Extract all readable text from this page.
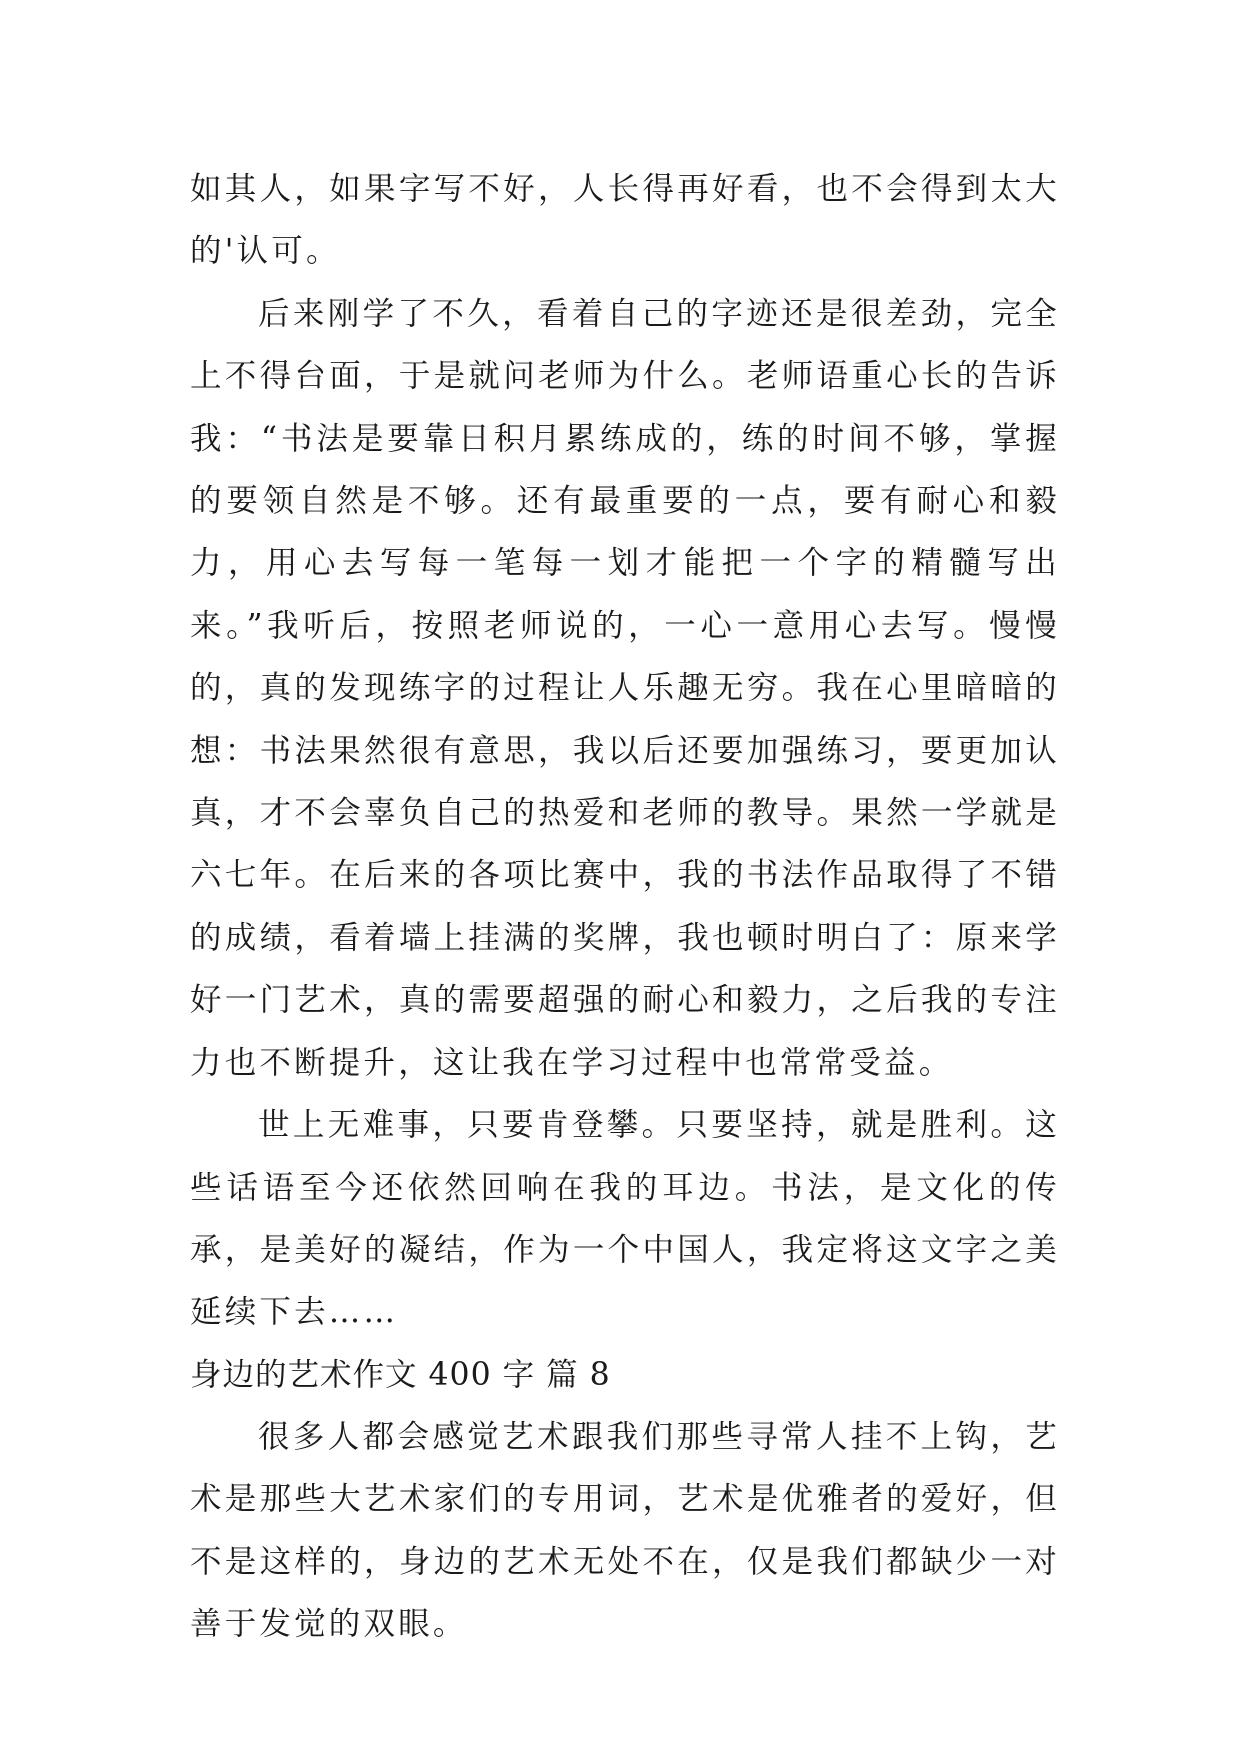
如其人，如果字写不好，人长得再好看，也不会得到太大的'认可。

后来刚学了不久，看着自己的字迹还是很差劲，完全上不得台面，于是就问老师为什么。老师语重心长的告诉我：“书法是要靠日积月累练成的，练的时间不够，掌握的要领自然是不够。还有最重要的一点，要有耐心和毅力，用心去写每一笔每一划才能把一个字的精髓写出来。”我听后，按照老师说的，一心一意用心去写。慢慢的，真的发现练字的过程让人乐趣无穷。我在心里暗暗的想：书法果然很有意思，我以后还要加强练习，要更加认真，才不会辜负自己的热爱和老师的教导。果然一学就是六七年。在后来的各项比赛中，我的书法作品取得了不错的成绩，看着墙上挂满的奖牌，我也顿时明白了：原来学好一门艺术，真的需要超强的耐心和毅力，之后我的专注力也不断提升，这让我在学习过程中也常常受益。

世上无难事，只要肯登攀。只要坚持，就是胜利。这些话语至今还依然回响在我的耳边。书法，是文化的传承，是美好的凝结，作为一个中国人，我定将这文字之美延续下去……

身边的艺术作文 400 字 篇 8

很多人都会感觉艺术跟我们那些寻常人挂不上钩，艺术是那些大艺术家们的专用词，艺术是优雅者的爱好，但不是这样的，身边的艺术无处不在，仅是我们都缺少一对善于发觉的双眼。
